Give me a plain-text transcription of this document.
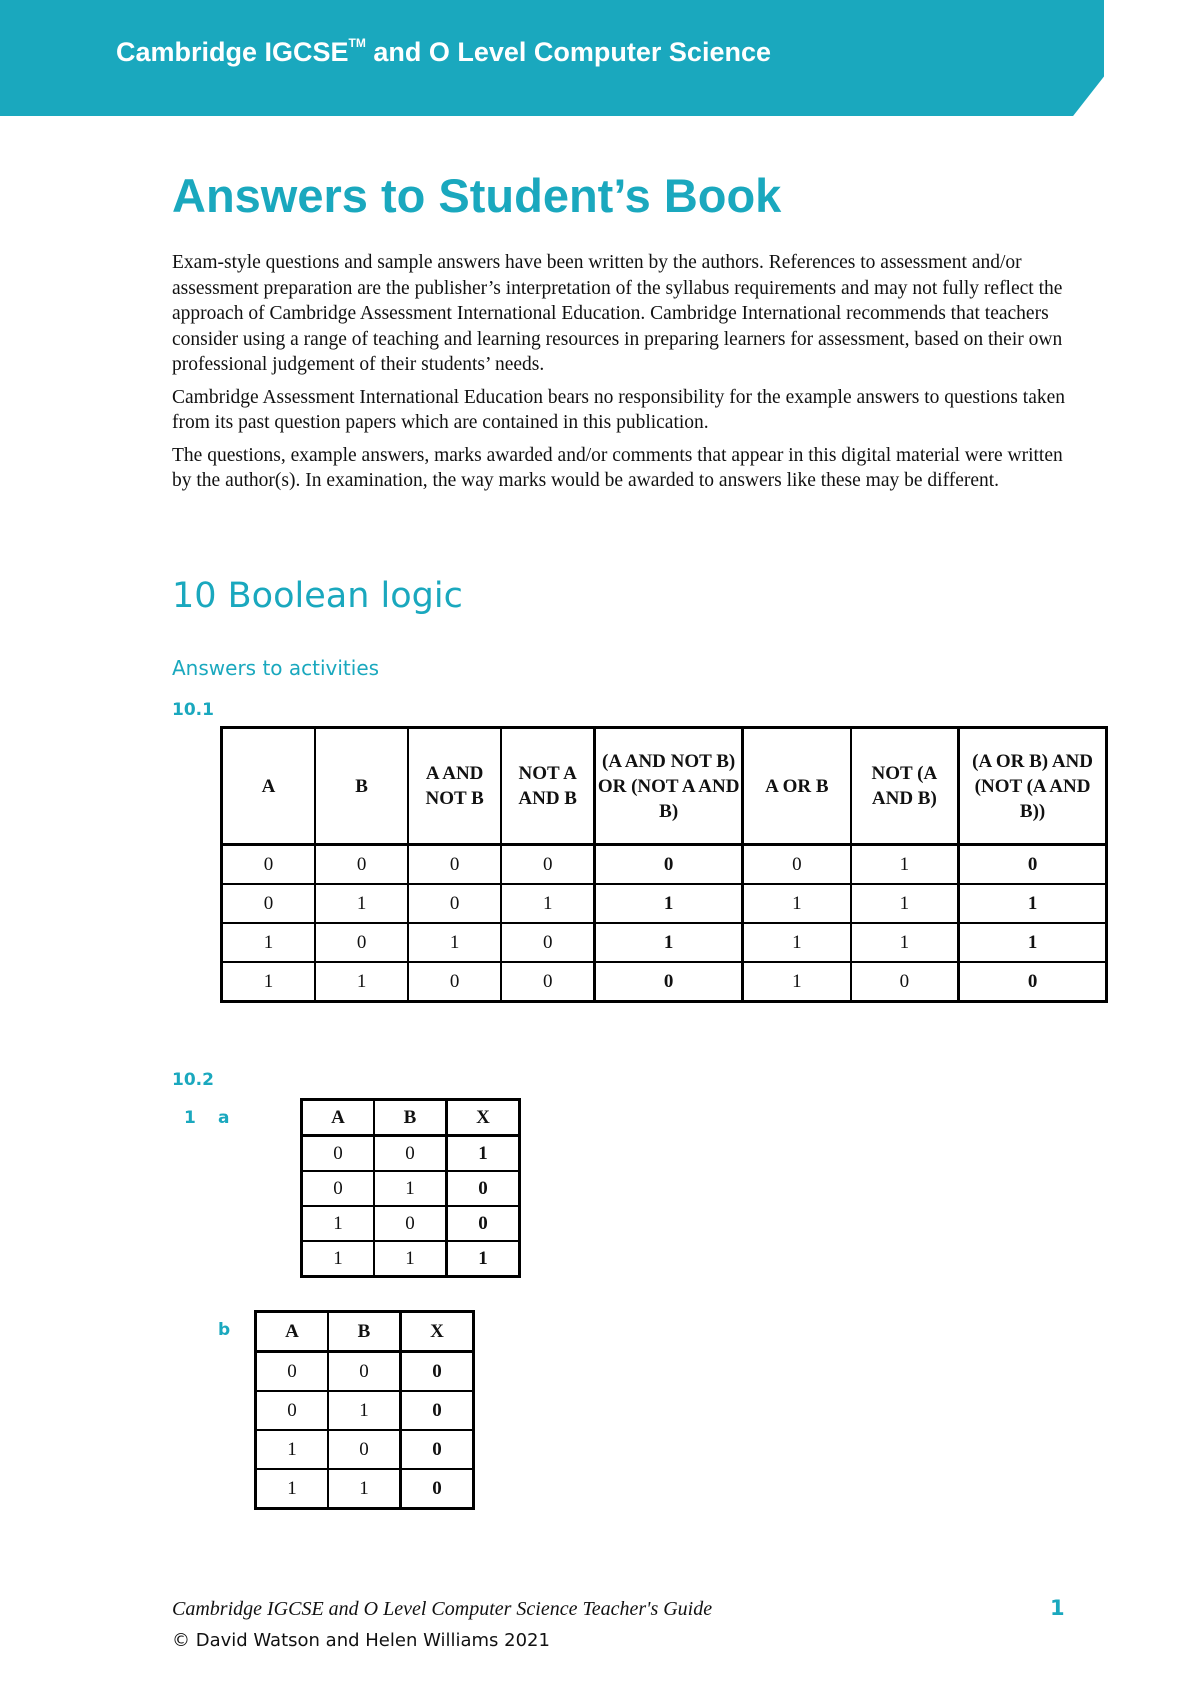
Cambridge IGCSE™ and O Level Computer Science
Answers to Student’s Book

Exam-style questions and sample answers have been written by the authors. References to assessment and/or assessment preparation are the publisher’s interpretation of the syllabus requirements and may not fully reflect the approach of Cambridge Assessment International Education. Cambridge International recommends that teachers consider using a range of teaching and learning resources in preparing learners for assessment, based on their own professional judgement of their students’ needs.

Cambridge Assessment International Education bears no responsibility for the example answers to questions taken from its past question papers which are contained in this publication.

The questions, example answers, marks awarded and/or comments that appear in this digital material were written by the author(s). In examination, the way marks would be awarded to answers like these may be different.

10 Boolean logic
Answers to activities
10.1
A	B	A AND NOT B	NOT A AND B	(A AND NOT B) OR (NOT A AND B)	A OR B	NOT (A AND B)	(A OR B) AND (NOT (A AND B))
0	0	0	0	0	0	1	0
0	1	0	1	1	1	1	1
1	0	1	0	1	1	1	1
1	1	0	0	0	1	0	0
10.2
1 a	A	B	X
0	0	1
0	1	0
1	0	0
1	1	1
b	A	B	X
0	0	0
0	1	0
1	0	0
1	1	0
Cambridge IGCSE and O Level Computer Science Teacher's Guide	1
© David Watson and Helen Williams 2021
